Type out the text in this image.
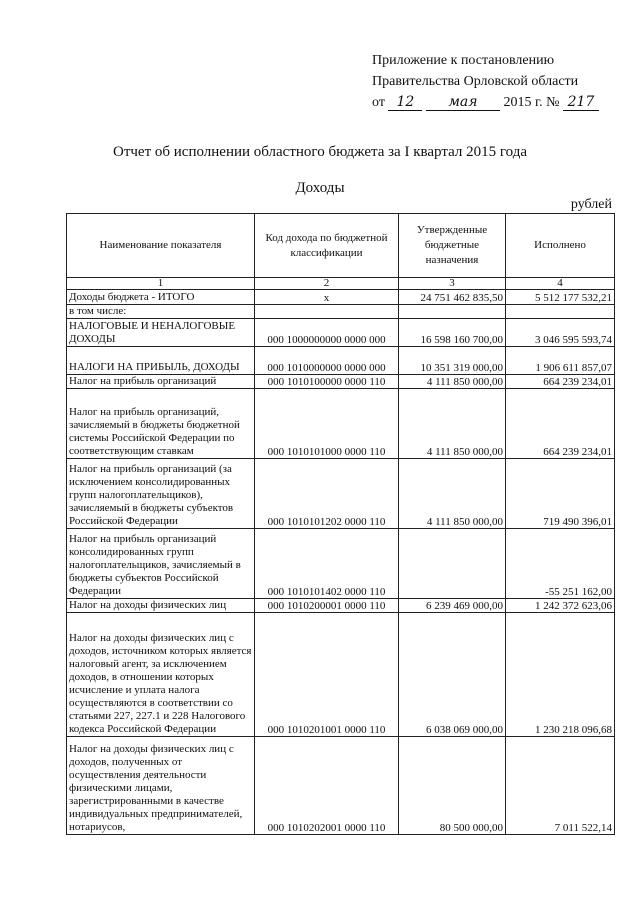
Приложение к постановлению
Правительства Орловской области
от 12 мая 2015 г. № 217
Отчет об исполнении областного бюджета за I квартал 2015 года
Доходы
рублей
Наименование показателя	Код дохода по бюджетной классификации	Утвержденные бюджетные назначения	Исполнено
1	2	3	4
Доходы бюджета - ИТОГО	x	24 751 462 835,50	5 512 177 532,21
в том числе:			
НАЛОГОВЫЕ И НЕНАЛОГОВЫЕ ДОХОДЫ	000 1000000000 0000 000	16 598 160 700,00	3 046 595 593,74
НАЛОГИ НА ПРИБЫЛЬ, ДОХОДЫ	000 1010000000 0000 000	10 351 319 000,00	1 906 611 857,07
Налог на прибыль организаций	000 1010100000 0000 110	4 111 850 000,00	664 239 234,01
Налог на прибыль организаций, зачисляемый в бюджеты бюджетной системы Российской Федерации по соответствующим ставкам	000 1010101000 0000 110	4 111 850 000,00	664 239 234,01
Налог на прибыль организаций (за исключением консолидированных групп налогоплательщиков), зачисляемый в бюджеты субъектов Российской Федерации	000 1010101202 0000 110	4 111 850 000,00	719 490 396,01
Налог на прибыль организаций консолидированных групп налогоплательщиков, зачисляемый в бюджеты субъектов Российской Федерации	000 1010101402 0000 110		-55 251 162,00
Налог на доходы физических лиц	000 1010200001 0000 110	6 239 469 000,00	1 242 372 623,06
Налог на доходы физических лиц с доходов, источником которых является налоговый агент, за исключением доходов, в отношении которых исчисление и уплата налога осуществляются в соответствии со статьями 227, 227.1 и 228 Налогового кодекса Российской Федерации	000 1010201001 0000 110	6 038 069 000,00	1 230 218 096,68
Налог на доходы физических лиц с доходов, полученных от осуществления деятельности физическими лицами, зарегистрированными в качестве индивидуальных предпринимателей, нотариусов,	000 1010202001 0000 110	80 500 000,00	7 011 522,14
